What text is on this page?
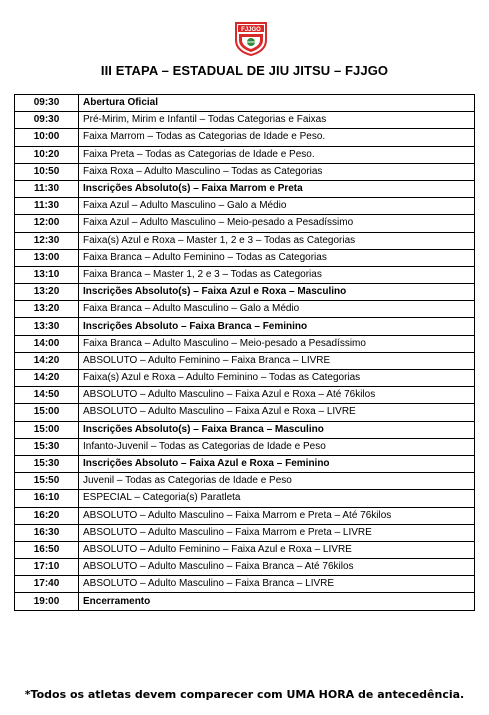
FJJGO
III ETAPA – ESTADUAL DE JIU JITSU – FJJGO
09:30	Abertura Oficial
09:30	Pré-Mirim, Mirim e Infantil – Todas Categorias e Faixas
10:00	Faixa Marrom – Todas as Categorias de Idade e Peso.
10:20	Faixa Preta – Todas as Categorias de Idade e Peso.
10:50	Faixa Roxa – Adulto Masculino – Todas as Categorias
11:30	Inscrições Absoluto(s) – Faixa Marrom e Preta
11:30	Faixa Azul – Adulto Masculino – Galo a Médio
12:00	Faixa Azul – Adulto Masculino – Meio-pesado a Pesadíssimo
12:30	Faixa(s) Azul e Roxa – Master 1, 2 e 3 – Todas as Categorias
13:00	Faixa Branca – Adulto Feminino – Todas as Categorias
13:10	Faixa Branca – Master 1, 2 e 3 – Todas as Categorias
13:20	Inscrições Absoluto(s) – Faixa Azul e Roxa – Masculino
13:20	Faixa Branca – Adulto Masculino – Galo a Médio
13:30	Inscrições Absoluto – Faixa Branca – Feminino
14:00	Faixa Branca – Adulto Masculino – Meio-pesado a Pesadíssimo
14:20	ABSOLUTO – Adulto Feminino – Faixa Branca – LIVRE
14:20	Faixa(s) Azul e Roxa – Adulto Feminino – Todas as Categorias
14:50	ABSOLUTO – Adulto Masculino – Faixa Azul e Roxa – Até 76kilos
15:00	ABSOLUTO – Adulto Masculino – Faixa Azul e Roxa – LIVRE
15:00	Inscrições Absoluto(s) – Faixa Branca – Masculino
15:30	Infanto-Juvenil – Todas as Categorias de Idade e Peso
15:30	Inscrições Absoluto – Faixa Azul e Roxa – Feminino
15:50	Juvenil – Todas as Categorias de Idade e Peso
16:10	ESPECIAL – Categoria(s) Paratleta
16:20	ABSOLUTO – Adulto Masculino – Faixa Marrom e Preta – Até 76kilos
16:30	ABSOLUTO – Adulto Masculino – Faixa Marrom e Preta – LIVRE
16:50	ABSOLUTO – Adulto Feminino – Faixa Azul e Roxa – LIVRE
17:10	ABSOLUTO – Adulto Masculino – Faixa Branca – Até 76kilos
17:40	ABSOLUTO – Adulto Masculino – Faixa Branca – LIVRE
19:00	Encerramento
*Todos os atletas devem comparecer com UMA HORA de antecedência.
